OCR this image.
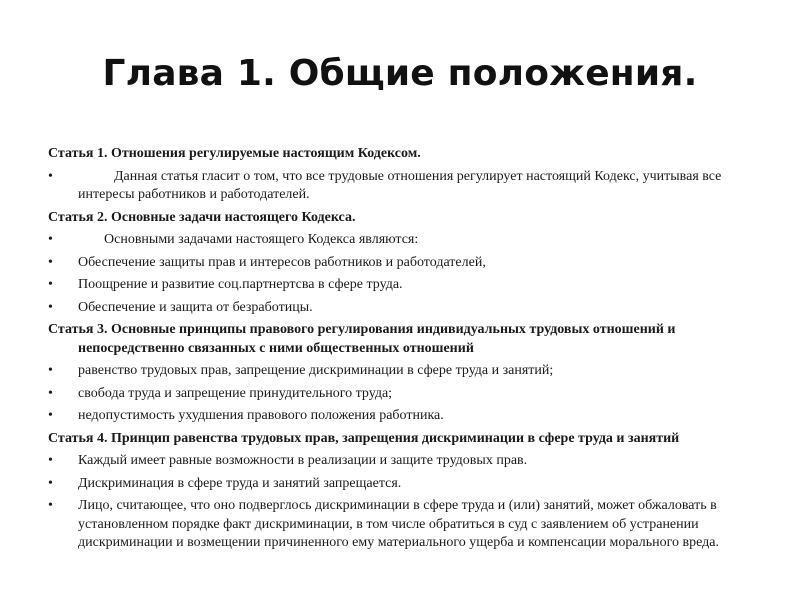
Глава 1. Общие положения.
Статья 1. Отношения регулируемые настоящим Кодексом.
•	Данная статья гласит о том, что все трудовые отношения регулирует настоящий Кодекс, учитывая все интересы работников и работодателей.
Статья 2. Основные задачи настоящего Кодекса.
•	Основными задачами настоящего Кодекса являются:
•	Обеспечение защиты прав и интересов работников и работодателей,
•	Поощрение и развитие соц.партнертсва в сфере труда.
•	Обеспечение и защита от безработицы.
Статья 3. Основные принципы правового регулирования индивидуальных трудовых отношений и непосредственно связанных с ними общественных отношений
•	равенство трудовых прав, запрещение дискриминации в сфере труда и занятий;
•	свобода труда и запрещение принудительного труда;
•	недопустимость ухудшения правового положения работника.
Статья 4. Принцип равенства трудовых прав, запрещения дискриминации в сфере труда и занятий
•	Каждый имеет равные возможности в реализации и защите трудовых прав.
•	Дискриминация в сфере труда и занятий запрещается.
•	Лицо, считающее, что оно подверглось дискриминации в сфере труда и (или) занятий, может обжаловать в установленном порядке факт дискриминации, в том числе обратиться в суд с заявлением об устранении дискриминации и возмещении причиненного ему материального ущерба и компенсации морального вреда.
